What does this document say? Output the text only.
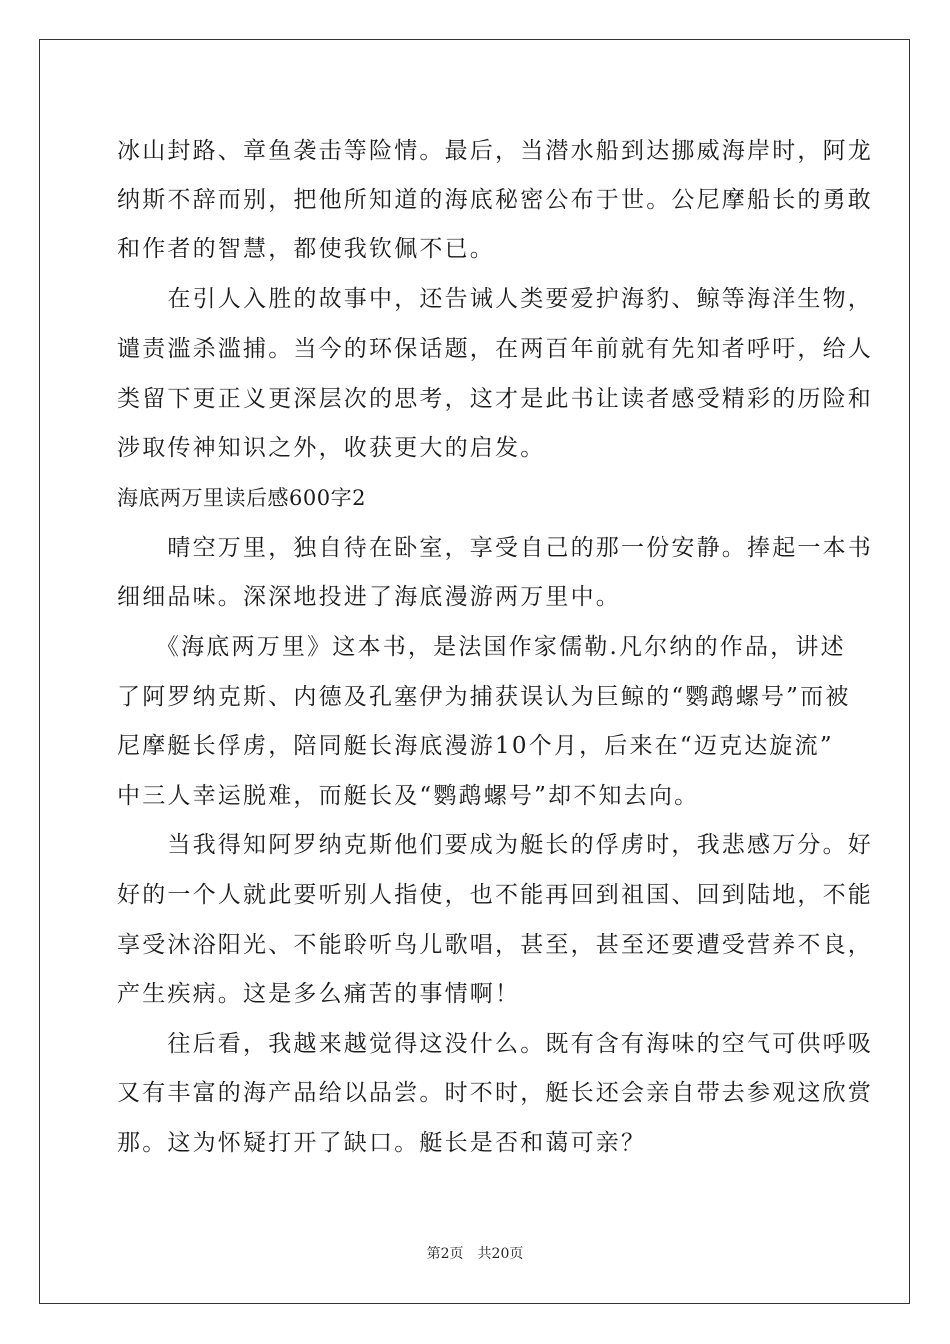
冰山封路、章鱼袭击等险情。最后，当潜水船到达挪威海岸时，阿龙
纳斯不辞而别，把他所知道的海底秘密公布于世。公尼摩船长的勇敢
和作者的智慧，都使我钦佩不已。
　　在引人入胜的故事中，还告诫人类要爱护海豹、鲸等海洋生物，
谴责滥杀滥捕。当今的环保话题，在两百年前就有先知者呼吁，给人
类留下更正义更深层次的思考，这才是此书让读者感受精彩的历险和
涉取传神知识之外，收获更大的启发。
海底两万里读后感600字2
　　晴空万里，独自待在卧室，享受自己的那一份安静。捧起一本书
细细品味。深深地投进了海底漫游两万里中。
　　《海底两万里》这本书，是法国作家儒勒.凡尔纳的作品，讲述
了阿罗纳克斯、内德及孔塞伊为捕获误认为巨鲸的“鹦鹉螺号”而被
尼摩艇长俘虏，陪同艇长海底漫游10个月，后来在“迈克达旋流”
中三人幸运脱难，而艇长及“鹦鹉螺号”却不知去向。
　　当我得知阿罗纳克斯他们要成为艇长的俘虏时，我悲感万分。好
好的一个人就此要听别人指使，也不能再回到祖国、回到陆地，不能
享受沐浴阳光、不能聆听鸟儿歌唱，甚至，甚至还要遭受营养不良，
产生疾病。这是多么痛苦的事情啊！
　　往后看，我越来越觉得这没什么。既有含有海味的空气可供呼吸
又有丰富的海产品给以品尝。时不时，艇长还会亲自带去参观这欣赏
那。这为怀疑打开了缺口。艇长是否和蔼可亲？
第2页 共20页
